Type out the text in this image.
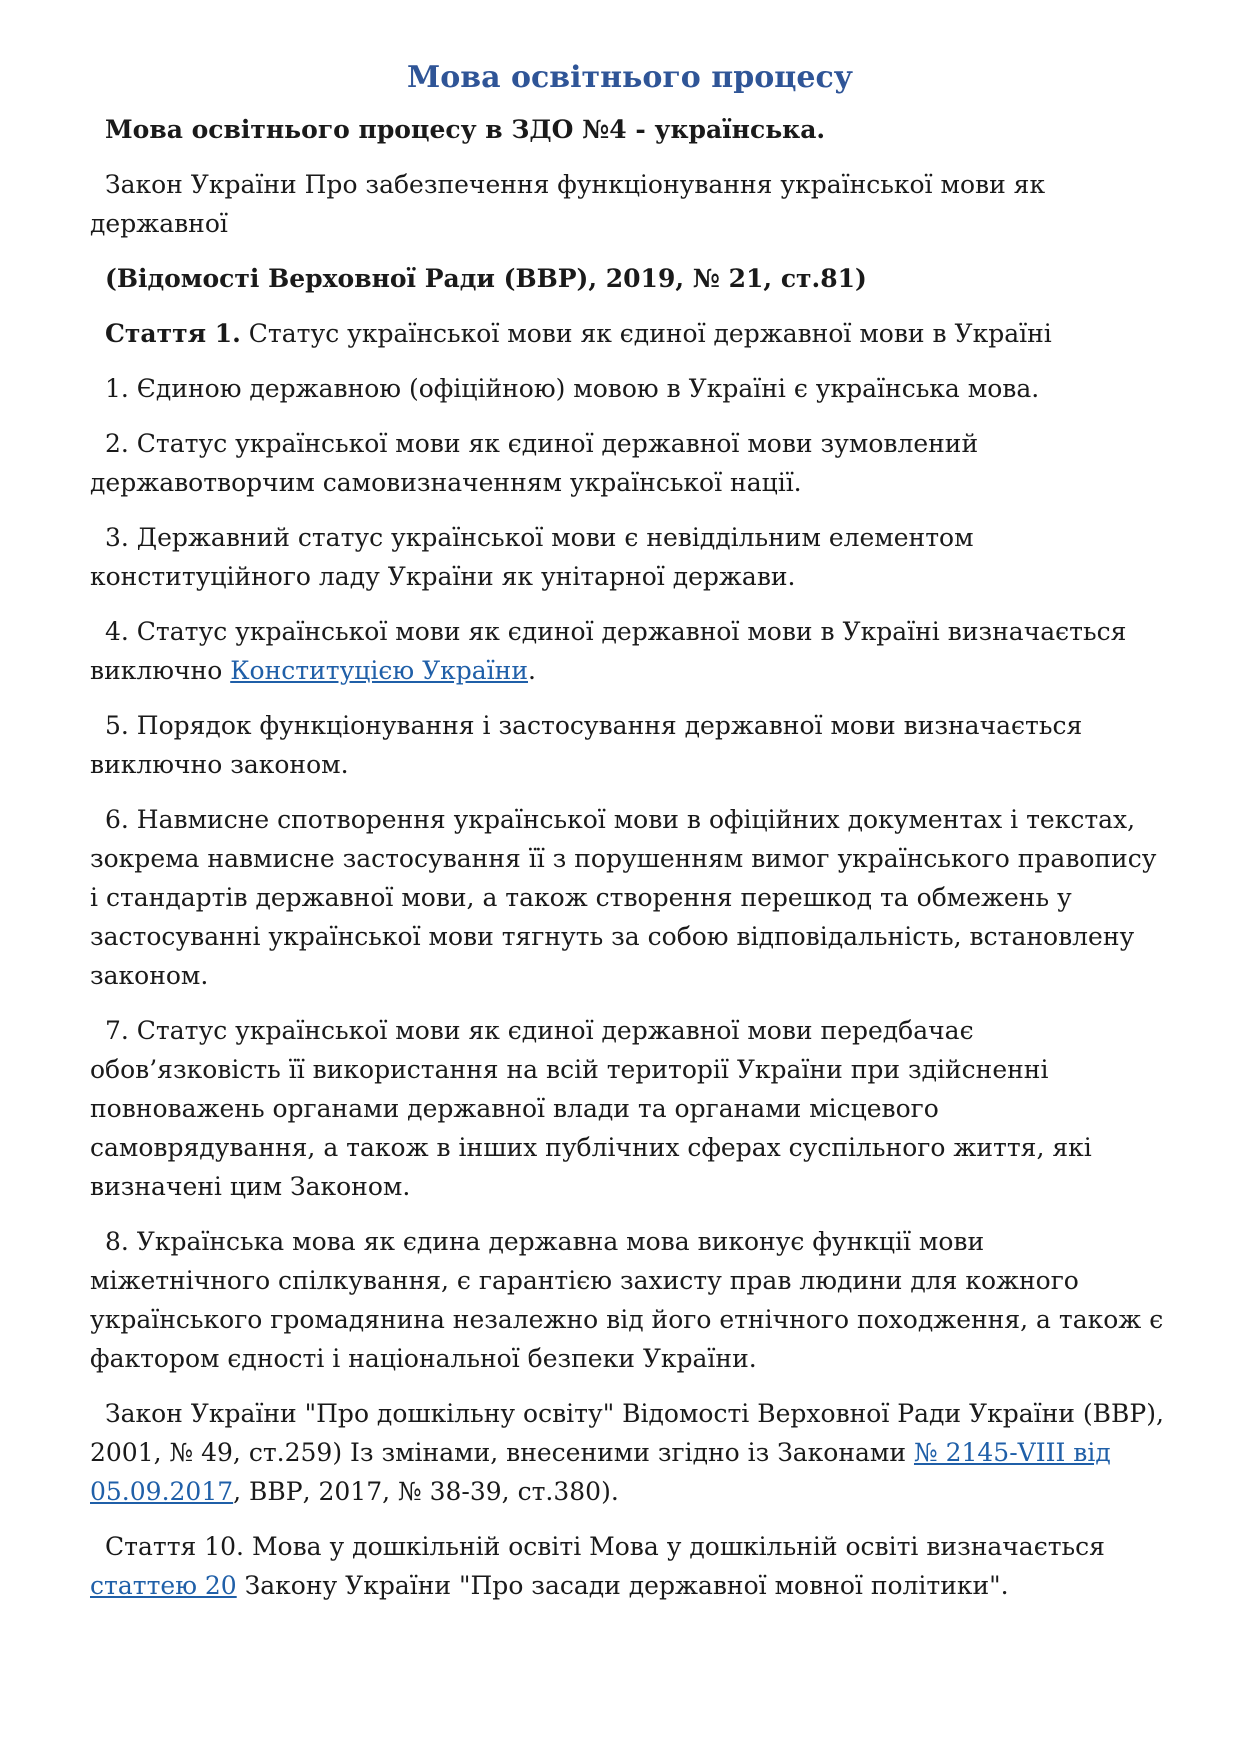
Мова освітнього процесу

Мова освітнього процесу в ЗДО №4 - українська.

Закон України Про забезпечення функціонування української мови як державної

(Відомості Верховної Ради (ВВР), 2019, № 21, ст.81)

Стаття 1. Статус української мови як єдиної державної мови в Україні

1. Єдиною державною (офіційною) мовою в Україні є українська мова.

2. Статус української мови як єдиної державної мови зумовлений державотворчим самовизначенням української нації.

3. Державний статус української мови є невіддільним елементом конституційного ладу України як унітарної держави.

4. Статус української мови як єдиної державної мови в Україні визначається виключно Конституцією України.

5. Порядок функціонування і застосування державної мови визначається виключно законом.

6. Навмисне спотворення української мови в офіційних документах і текстах, зокрема навмисне застосування її з порушенням вимог українського правопису і стандартів державної мови, а також створення перешкод та обмежень у застосуванні української мови тягнуть за собою відповідальність, встановлену законом.

7. Статус української мови як єдиної державної мови передбачає обов’язковість її використання на всій території України при здійсненні повноважень органами державної влади та органами місцевого самоврядування, а також в інших публічних сферах суспільного життя, які визначені цим Законом.

8. Українська мова як єдина державна мова виконує функції мови міжетнічного спілкування, є гарантією захисту прав людини для кожного українського громадянина незалежно від його етнічного походження, а також є фактором єдності і національної безпеки України.

Закон України "Про дошкільну освіту" Відомості Верховної Ради України (ВВР), 2001, № 49, ст.259) Із змінами, внесеними згідно із Законами № 2145-VIII від 05.09.2017, ВВР, 2017, № 38-39, ст.380).

Стаття 10. Мова у дошкільній освіті Мова у дошкільній освіті визначається статтею 20 Закону України "Про засади державної мовної політики".
